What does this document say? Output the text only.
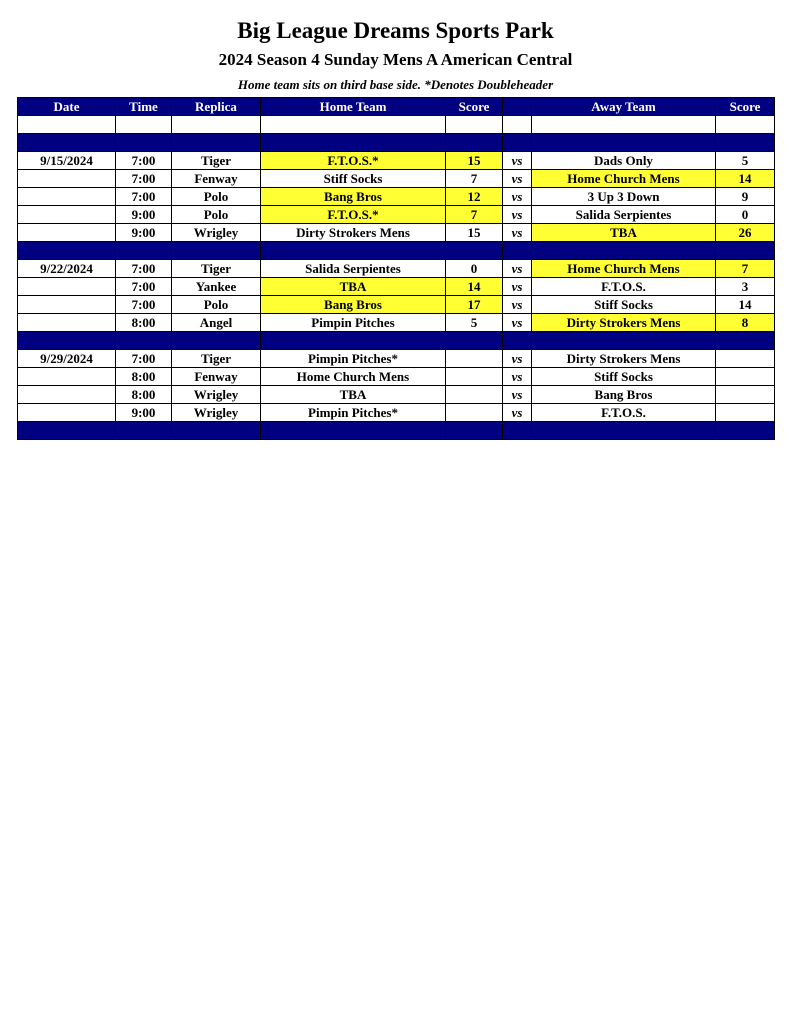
Big League Dreams Sports Park
2024 Season 4 Sunday Mens A American Central
Home team sits on third base side. *Denotes Doubleheader
Date	Time	Replica	Home Team	Score		Away Team	Score

9/15/2024	7:00	Tiger	F.T.O.S.*	15	vs	Dads Only	5
	7:00	Fenway	Stiff Socks	7	vs	Home Church Mens	14
	7:00	Polo	Bang Bros	12	vs	3 Up 3 Down	9
	9:00	Polo	F.T.O.S.*	7	vs	Salida Serpientes	0
	9:00	Wrigley	Dirty Strokers Mens	15	vs	TBA	26

9/22/2024	7:00	Tiger	Salida Serpientes	0	vs	Home Church Mens	7
	7:00	Yankee	TBA	14	vs	F.T.O.S.	3
	7:00	Polo	Bang Bros	17	vs	Stiff Socks	14
	8:00	Angel	Pimpin Pitches	5	vs	Dirty Strokers Mens	8

9/29/2024	7:00	Tiger	Pimpin Pitches*		vs	Dirty Strokers Mens	
	8:00	Fenway	Home Church Mens		vs	Stiff Socks	
	8:00	Wrigley	TBA		vs	Bang Bros	
	9:00	Wrigley	Pimpin Pitches*		vs	F.T.O.S.	
